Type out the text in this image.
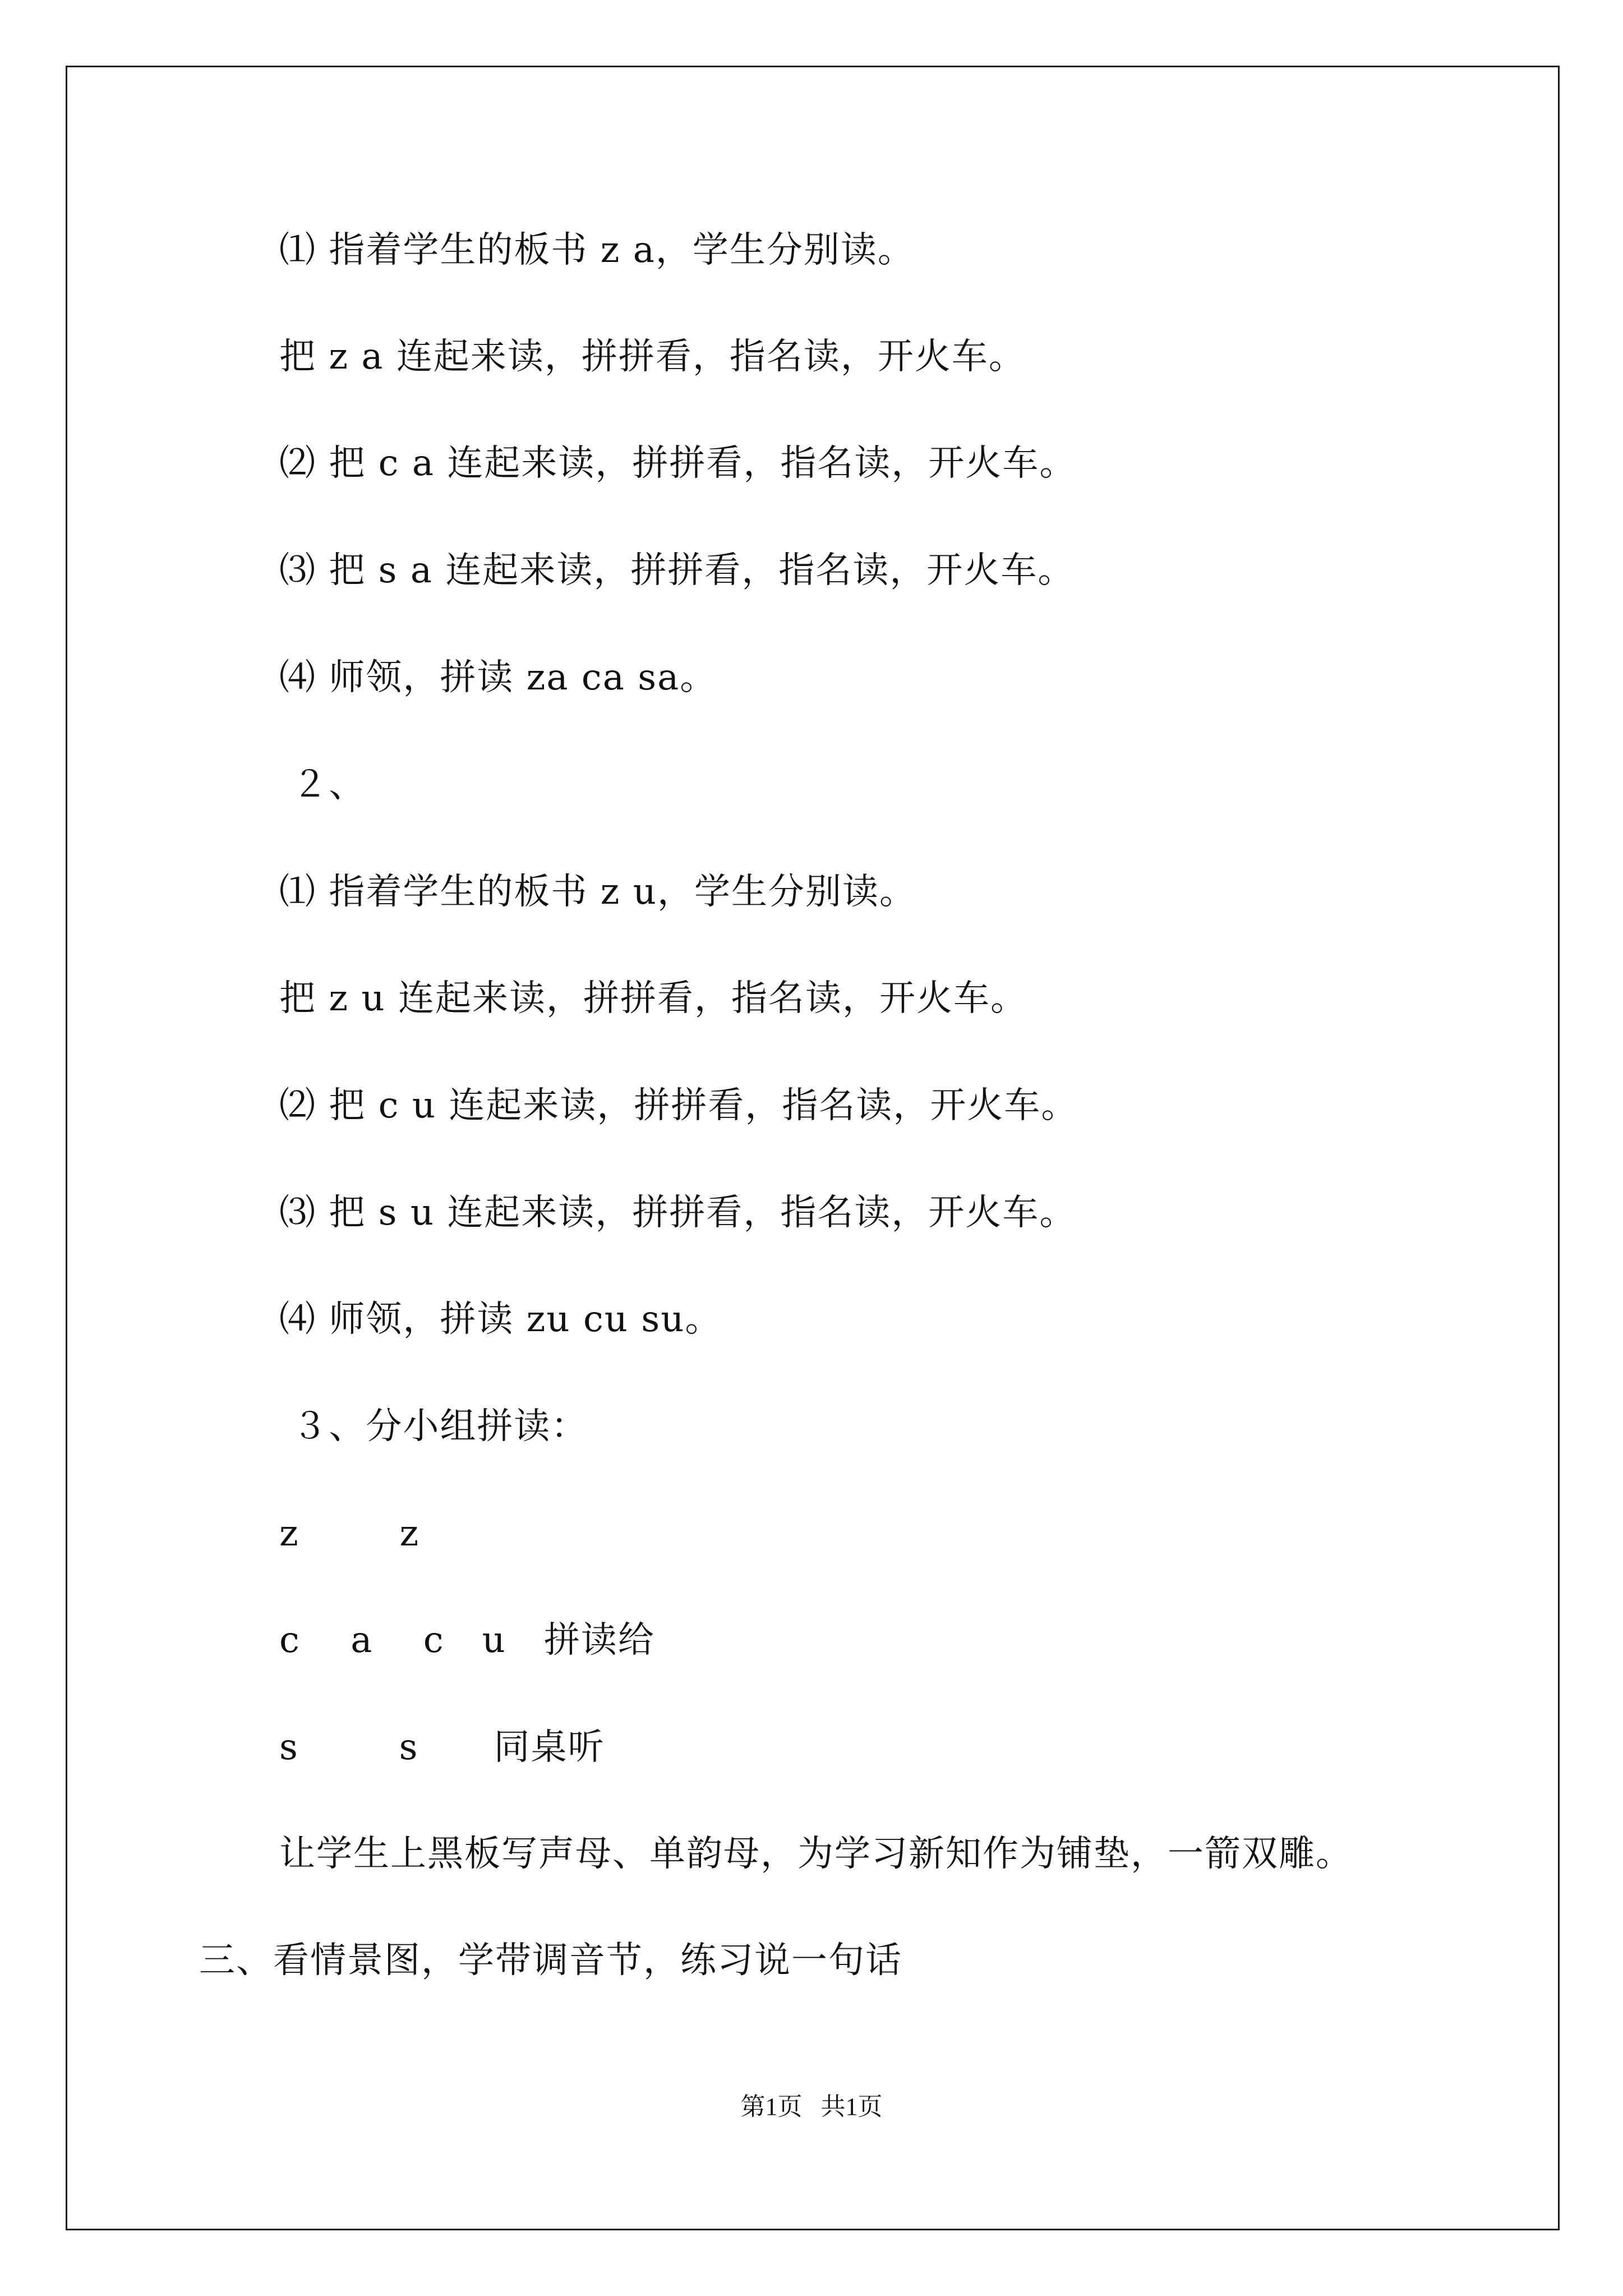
⑴ 指着学生的板书 z a，学生分别读。
把 z a 连起来读，拼拼看，指名读，开火车。
⑵ 把 c a 连起来读，拼拼看，指名读，开火车。
⑶ 把 s a 连起来读，拼拼看，指名读，开火车。
⑷ 师领，拼读 za ca sa。
２、
⑴ 指着学生的板书 z u，学生分别读。
把 z u 连起来读，拼拼看，指名读，开火车。
⑵ 把 c u 连起来读，拼拼看，指名读，开火车。
⑶ 把 s u 连起来读，拼拼看，指名读，开火车。
⑷ 师领，拼读 zu cu su。
３、分小组拼读：
z        z
c    a    c   u   拼读给
s        s      同桌听
让学生上黑板写声母、单韵母，为学习新知作为铺垫，一箭双雕。
三、看情景图，学带调音节，练习说一句话
第1页   共1页
